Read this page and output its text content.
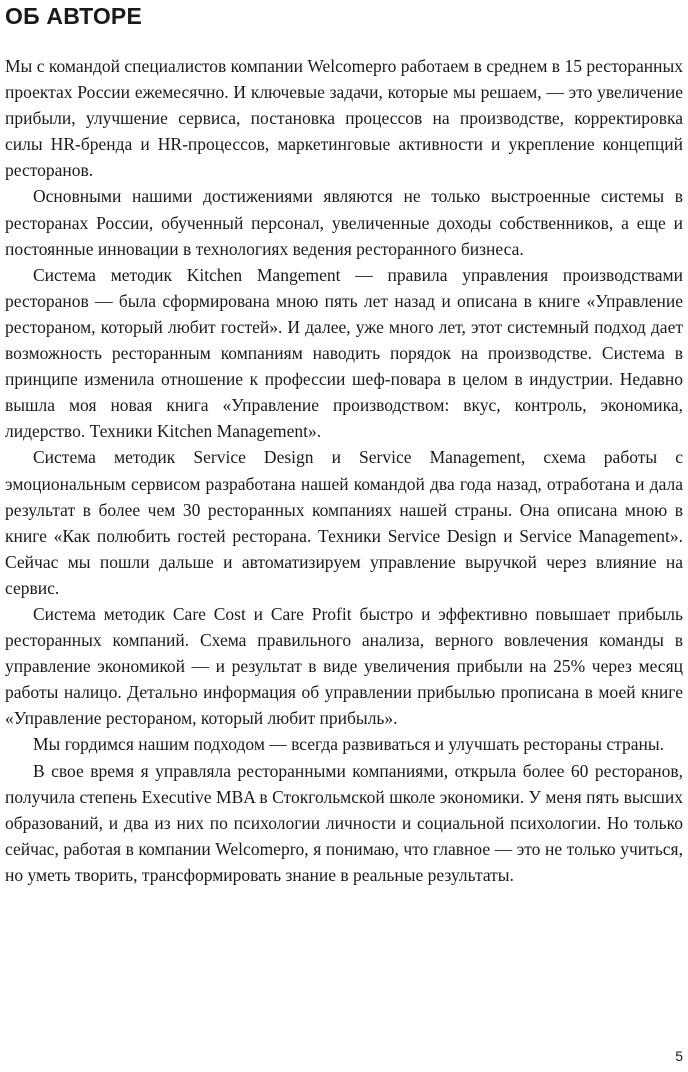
ОБ АВТОРЕ

Мы с командой специалистов компании Welcomepro работаем в среднем в 15 ресторанных проектах России ежемесячно. И ключевые задачи, которые мы решаем, — это увеличение прибыли, улучшение сервиса, постановка процессов на производстве, корректировка силы HR-бренда и HR-процессов, маркетинговые активности и укрепление концепций ресторанов.

Основными нашими достижениями являются не только выстроенные системы в ресторанах России, обученный персонал, увеличенные доходы собственников, а еще и постоянные инновации в технологиях ведения ресторанного бизнеса.

Система методик Kitchen Mangement — правила управления производствами ресторанов — была сформирована мною пять лет назад и описана в книге «Управление рестораном, который любит гостей». И далее, уже много лет, этот системный подход дает возможность ресторанным компаниям наводить порядок на производстве. Система в принципе изменила отношение к профессии шеф-повара в целом в индустрии. Недавно вышла моя новая книга «Управление производством: вкус, контроль, экономика, лидерство. Техники Kitchen Management».

Система методик Service Design и Service Management, схема работы с эмоциональным сервисом разработана нашей командой два года назад, отработана и дала результат в более чем 30 ресторанных компаниях нашей страны. Она описана мною в книге «Как полюбить гостей ресторана. Техники Service Design и Service Management». Сейчас мы пошли дальше и автоматизируем управление выручкой через влияние на сервис.

Система методик Care Cost и Care Profit быстро и эффективно повышает прибыль ресторанных компаний. Схема правильного анализа, верного вовлечения команды в управление экономикой — и результат в виде увеличения прибыли на 25% через месяц работы налицо. Детально информация об управлении прибылью прописана в моей книге «Управление рестораном, который любит прибыль».

Мы гордимся нашим подходом — всегда развиваться и улучшать рестораны страны.

В свое время я управляла ресторанными компаниями, открыла более 60 ресторанов, получила степень Executive MBA в Стокгольмской школе экономики. У меня пять высших образований, и два из них по психологии личности и социальной психологии. Но только сейчас, работая в компании Welcomepro, я понимаю, что главное — это не только учиться, но уметь творить, трансформировать знание в реальные результаты.

5
